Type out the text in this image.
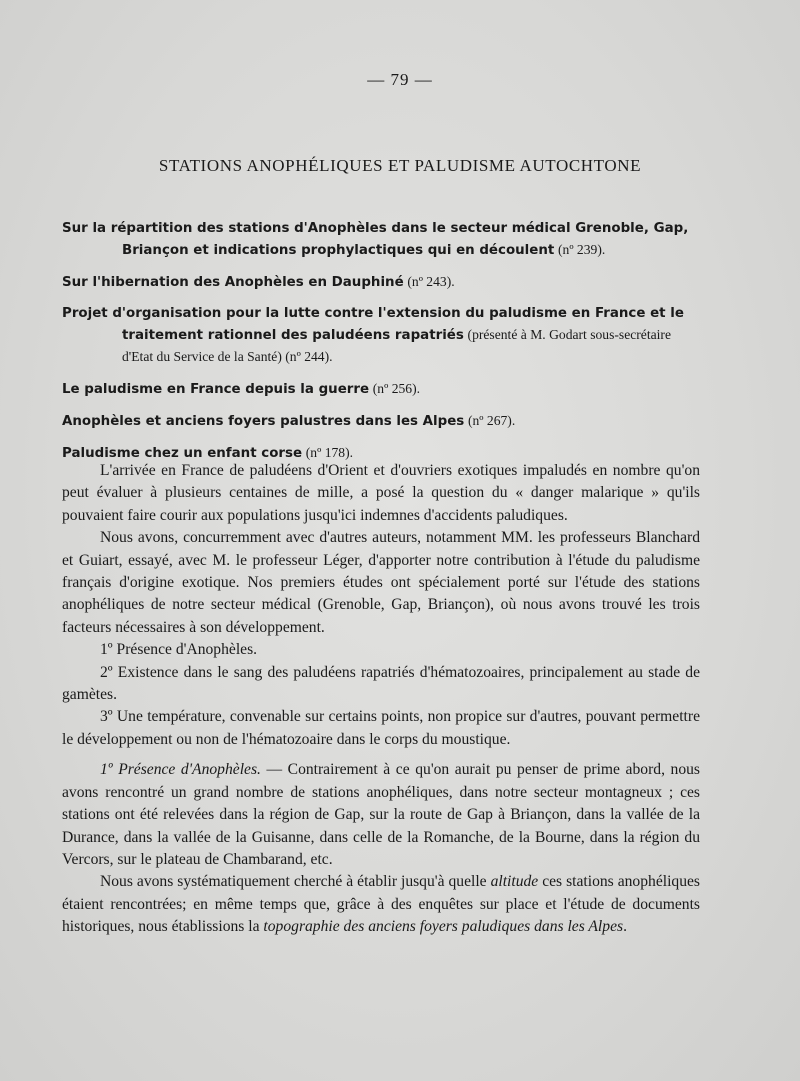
— 79 —
STATIONS ANOPHÉLIQUES ET PALUDISME AUTOCHTONE

Sur la répartition des stations d'Anophèles dans le secteur médical Grenoble, Gap, Briançon et indications prophylactiques qui en découlent (nº 239).

Sur l'hibernation des Anophèles en Dauphiné (nº 243).

Projet d'organisation pour la lutte contre l'extension du paludisme en France et le traitement rationnel des paludéens rapatriés (présenté à M. Godart sous-secrétaire d'Etat du Service de la Santé) (nº 244).

Le paludisme en France depuis la guerre (nº 256).

Anophèles et anciens foyers palustres dans les Alpes (nº 267).

Paludisme chez un enfant corse (nº 178).

L'arrivée en France de paludéens d'Orient et d'ouvriers exotiques impaludés en nombre qu'on peut évaluer à plusieurs centaines de mille, a posé la question du « danger malarique » qu'ils pouvaient faire courir aux populations jusqu'ici indemnes d'accidents paludiques.

Nous avons, concurremment avec d'autres auteurs, notamment MM. les professeurs Blanchard et Guiart, essayé, avec M. le professeur Léger, d'apporter notre contribution à l'étude du paludisme français d'origine exotique. Nos premiers études ont spécialement porté sur l'étude des stations anophéliques de notre secteur médical (Grenoble, Gap, Briançon), où nous avons trouvé les trois facteurs nécessaires à son développement.

1º Présence d'Anophèles.

2º Existence dans le sang des paludéens rapatriés d'hématozoaires, principalement au stade de gamètes.

3º Une température, convenable sur certains points, non propice sur d'autres, pouvant permettre le développement ou non de l'hématozoaire dans le corps du moustique.

1º Présence d'Anophèles. — Contrairement à ce qu'on aurait pu penser de prime abord, nous avons rencontré un grand nombre de stations anophéliques, dans notre secteur montagneux ; ces stations ont été relevées dans la région de Gap, sur la route de Gap à Briançon, dans la vallée de la Durance, dans la vallée de la Guisanne, dans celle de la Romanche, de la Bourne, dans la région du Vercors, sur le plateau de Chambarand, etc.

Nous avons systématiquement cherché à établir jusqu'à quelle altitude ces stations anophéliques étaient rencontrées; en même temps que, grâce à des enquêtes sur place et l'étude de documents historiques, nous établissions la topographie des anciens foyers paludiques dans les Alpes.
